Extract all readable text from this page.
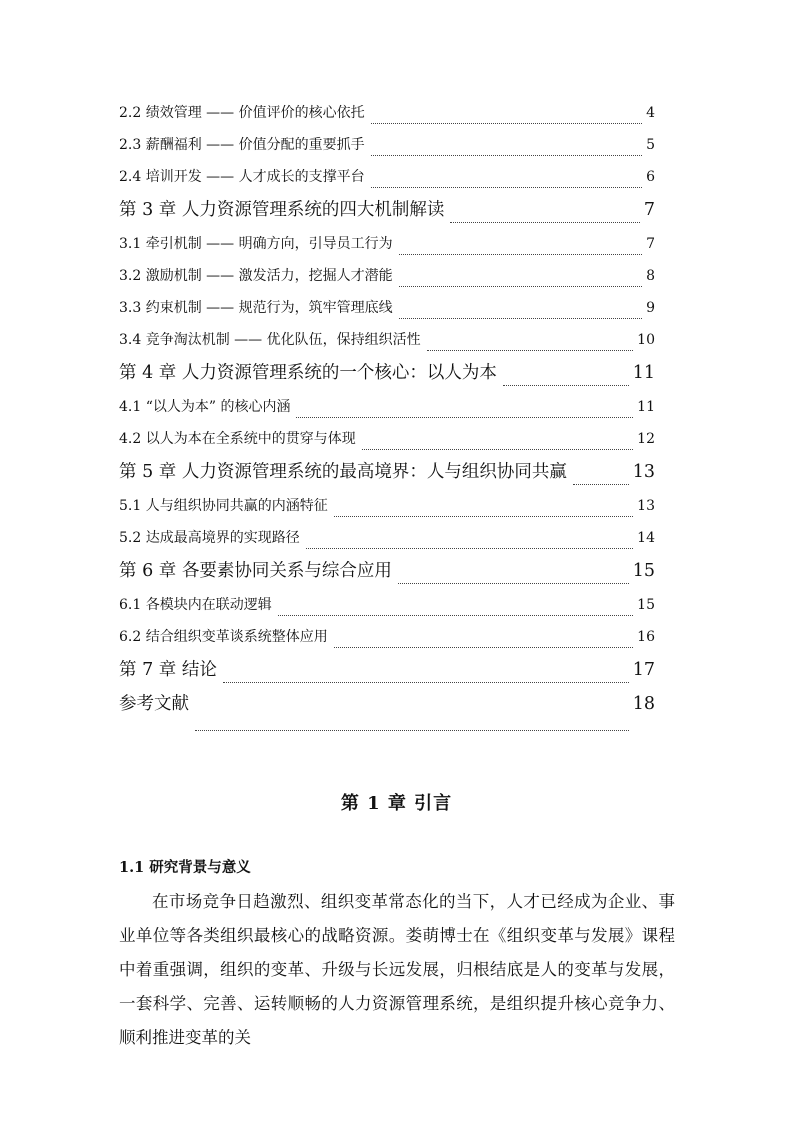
2.2 绩效管理 —— 价值评价的核心依托	4
2.3 薪酬福利 —— 价值分配的重要抓手	5
2.4 培训开发 —— 人才成长的支撑平台	6
第 3 章 人力资源管理系统的四大机制解读	7
3.1 牵引机制 —— 明确方向，引导员工行为	7
3.2 激励机制 —— 激发活力，挖掘人才潜能	8
3.3 约束机制 —— 规范行为，筑牢管理底线	9
3.4 竞争淘汰机制 —— 优化队伍，保持组织活性	10
第 4 章 人力资源管理系统的一个核心：以人为本	11
4.1 “以人为本” 的核心内涵	11
4.2 以人为本在全系统中的贯穿与体现	12
第 5 章 人力资源管理系统的最高境界：人与组织协同共赢	13
5.1 人与组织协同共赢的内涵特征	13
5.2 达成最高境界的实现路径	14
第 6 章 各要素协同关系与综合应用	15
6.1 各模块内在联动逻辑	15
6.2 结合组织变革谈系统整体应用	16
第 7 章 结论	17
参考文献	18
第 1 章 引言
1.1 研究背景与意义
在市场竞争日趋激烈、组织变革常态化的当下，人才已经成为企业、事业单位等各类组织最核心的战略资源。娄萌博士在《组织变革与发展》课程中着重强调，组织的变革、升级与长远发展，归根结底是人的变革与发展，一套科学、完善、运转顺畅的人力资源管理系统，是组织提升核心竞争力、顺利推进变革的关
